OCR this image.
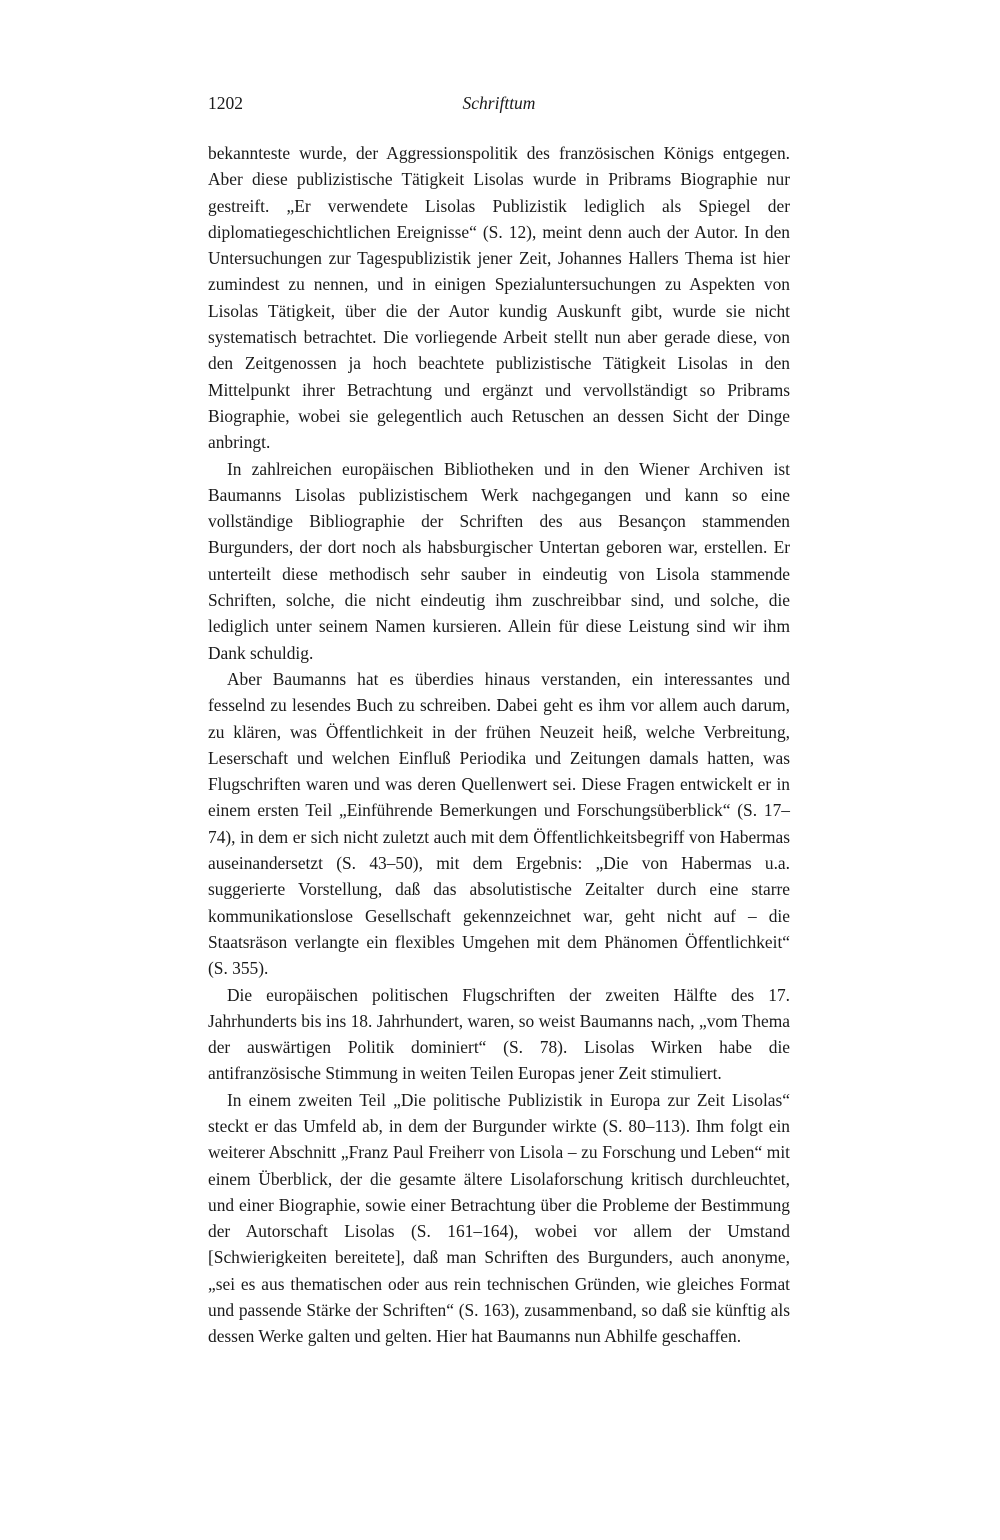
1202	Schrifttum

bekannteste wurde, der Aggressionspolitik des französischen Königs entgegen. Aber diese publizistische Tätigkeit Lisolas wurde in Pribrams Biographie nur gestreift. „Er verwendete Lisolas Publizistik lediglich als Spiegel der diplomatiegeschichtlichen Ereignisse“ (S. 12), meint denn auch der Autor. In den Untersuchungen zur Tagespublizistik jener Zeit, Johannes Hallers Thema ist hier zumindest zu nennen, und in einigen Spezialuntersuchungen zu Aspekten von Lisolas Tätigkeit, über die der Autor kundig Auskunft gibt, wurde sie nicht systematisch betrachtet. Die vorliegende Arbeit stellt nun aber gerade diese, von den Zeitgenossen ja hoch beachtete publizistische Tätigkeit Lisolas in den Mittelpunkt ihrer Betrachtung und ergänzt und vervollständigt so Pribrams Biographie, wobei sie gelegentlich auch Retuschen an dessen Sicht der Dinge anbringt.

In zahlreichen europäischen Bibliotheken und in den Wiener Archiven ist Baumanns Lisolas publizistischem Werk nachgegangen und kann so eine vollständige Bibliographie der Schriften des aus Besançon stammenden Burgunders, der dort noch als habsburgischer Untertan geboren war, erstellen. Er unterteilt diese methodisch sehr sauber in eindeutig von Lisola stammende Schriften, solche, die nicht eindeutig ihm zuschreibbar sind, und solche, die lediglich unter seinem Namen kursieren. Allein für diese Leistung sind wir ihm Dank schuldig.

Aber Baumanns hat es überdies hinaus verstanden, ein interessantes und fesselnd zu lesendes Buch zu schreiben. Dabei geht es ihm vor allem auch darum, zu klären, was Öffentlichkeit in der frühen Neuzeit heiß, welche Verbreitung, Leserschaft und welchen Einfluß Periodika und Zeitungen damals hatten, was Flugschriften waren und was deren Quellenwert sei. Diese Fragen entwickelt er in einem ersten Teil „Einführende Bemerkungen und Forschungsüberblick“ (S. 17–74), in dem er sich nicht zuletzt auch mit dem Öffentlichkeitsbegriff von Habermas auseinandersetzt (S. 43–50), mit dem Ergebnis: „Die von Habermas u.a. suggerierte Vorstellung, daß das absolutistische Zeitalter durch eine starre kommunikationslose Gesellschaft gekennzeichnet war, geht nicht auf – die Staatsräson verlangte ein flexibles Umgehen mit dem Phänomen Öffentlichkeit“ (S. 355).

Die europäischen politischen Flugschriften der zweiten Hälfte des 17. Jahrhunderts bis ins 18. Jahrhundert, waren, so weist Baumanns nach, „vom Thema der auswärtigen Politik dominiert“ (S. 78). Lisolas Wirken habe die antifranzösische Stimmung in weiten Teilen Europas jener Zeit stimuliert.

In einem zweiten Teil „Die politische Publizistik in Europa zur Zeit Lisolas“ steckt er das Umfeld ab, in dem der Burgunder wirkte (S. 80–113). Ihm folgt ein weiterer Abschnitt „Franz Paul Freiherr von Lisola – zu Forschung und Leben“ mit einem Überblick, der die gesamte ältere Lisolaforschung kritisch durchleuchtet, und einer Biographie, sowie einer Betrachtung über die Probleme der Bestimmung der Autorschaft Lisolas (S. 161–164), wobei vor allem der Umstand [Schwierigkeiten bereitete], daß man Schriften des Burgunders, auch anonyme, „sei es aus thematischen oder aus rein technischen Gründen, wie gleiches Format und passende Stärke der Schriften“ (S. 163), zusammenband, so daß sie künftig als dessen Werke galten und gelten. Hier hat Baumanns nun Abhilfe geschaffen.
